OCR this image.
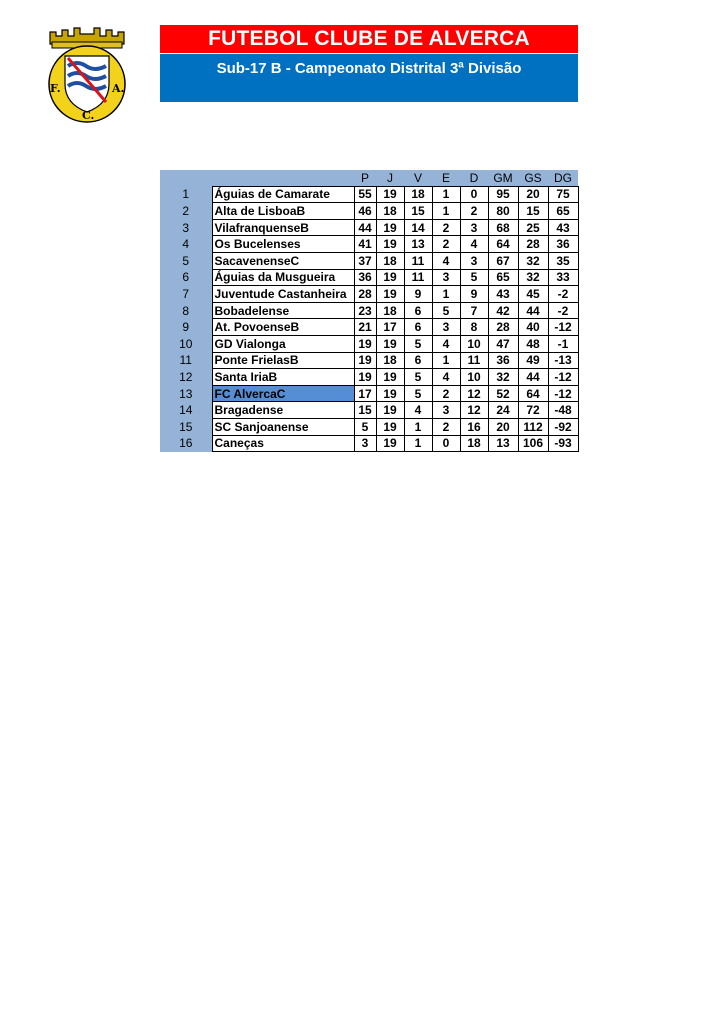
F.	A.
C.
FUTEBOL CLUBE DE ALVERCA
Sub-17 B - Campeonato Distrital 3ª Divisão
		P	J	V	E	D	GM	GS	DG
1	Águias de Camarate	55	19	18	1	0	95	20	75
2	Alta de LisboaB	46	18	15	1	2	80	15	65
3	VilafranquenseB	44	19	14	2	3	68	25	43
4	Os Bucelenses	41	19	13	2	4	64	28	36
5	SacavenenseC	37	18	11	4	3	67	32	35
6	Águias da Musgueira	36	19	11	3	5	65	32	33
7	Juventude Castanheira	28	19	9	1	9	43	45	-2
8	Bobadelense	23	18	6	5	7	42	44	-2
9	At. PovoenseB	21	17	6	3	8	28	40	-12
10	GD Vialonga	19	19	5	4	10	47	48	-1
11	Ponte FrielasB	19	18	6	1	11	36	49	-13
12	Santa IriaB	19	19	5	4	10	32	44	-12
13	FC AlvercaC	17	19	5	2	12	52	64	-12
14	Bragadense	15	19	4	3	12	24	72	-48
15	SC Sanjoanense	5	19	1	2	16	20	112	-92
16	Caneças	3	19	1	0	18	13	106	-93
